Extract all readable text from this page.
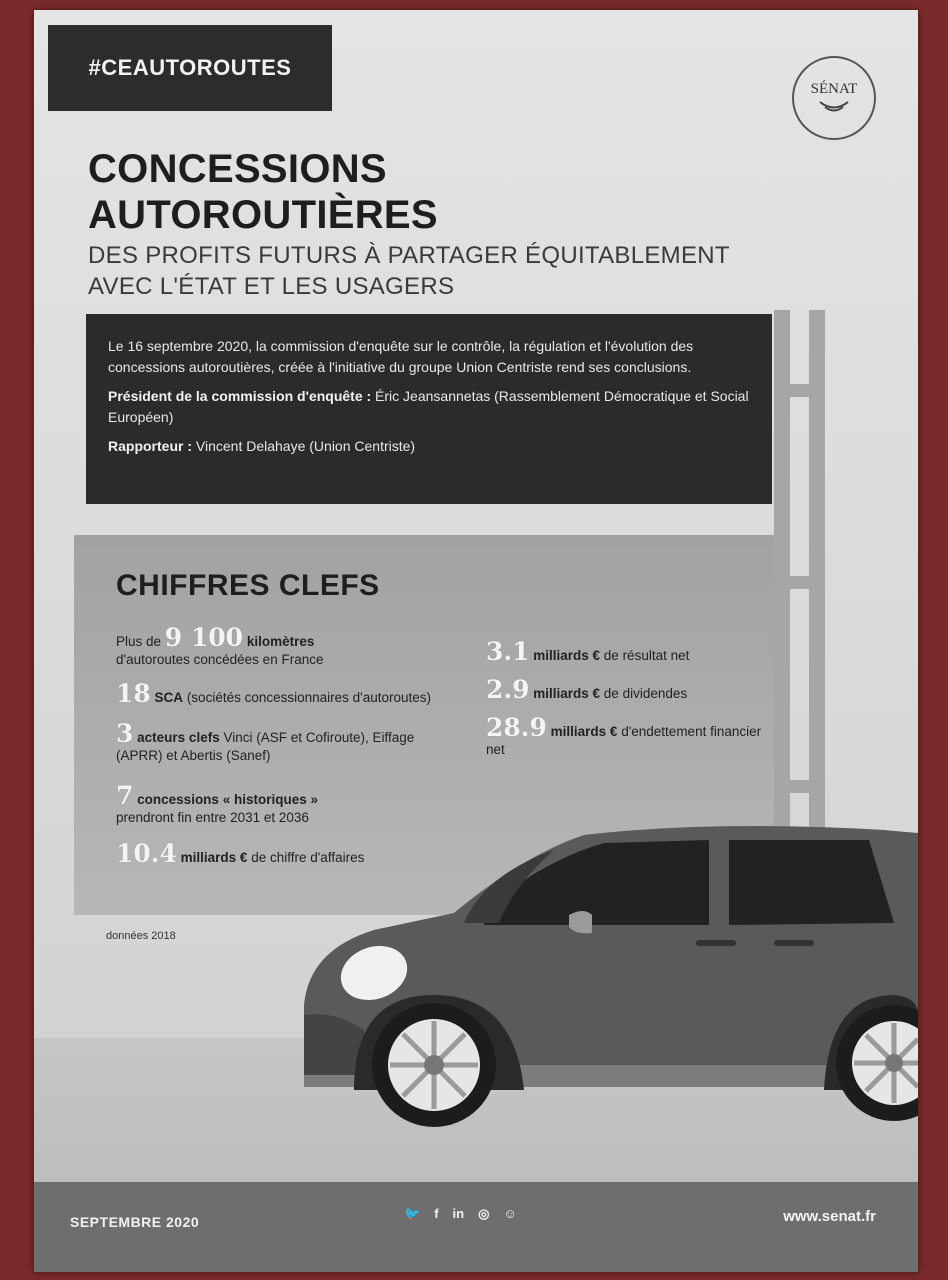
#CEAUTOROUTES
SÉNAT
CONCESSIONS
AUTOROUTIÈRES
DES PROFITS FUTURS À PARTAGER ÉQUITABLEMENT
AVEC L'ÉTAT ET LES USAGERS

Le 16 septembre 2020, la commission d'enquête sur le contrôle, la régulation et l'évolution des concessions autoroutières, créée à l'initiative du groupe Union Centriste rend ses conclusions.

Président de la commission d'enquête : Éric Jeansannetas (Rassemblement Démocratique et Social Européen)

Rapporteur : Vincent Delahaye (Union Centriste)

CHIFFRES CLEFS
Plus de 9 100 kilomètres
d'autoroutes concédées en France
18 SCA (sociétés concessionnaires d'autoroutes)
3 acteurs clefs Vinci (ASF et Cofiroute), Eiffage (APRR) et Abertis (Sanef)
7 concessions « historiques »
prendront fin entre 2031 et 2036
10.4 milliards € de chiffre d'affaires
3.1 milliards € de résultat net
2.9 milliards € de dividendes
28.9 milliards € d'endettement financier net
données 2018
SEPTEMBRE 2020
🐦 f in ◎ ☺	www.senat.fr
